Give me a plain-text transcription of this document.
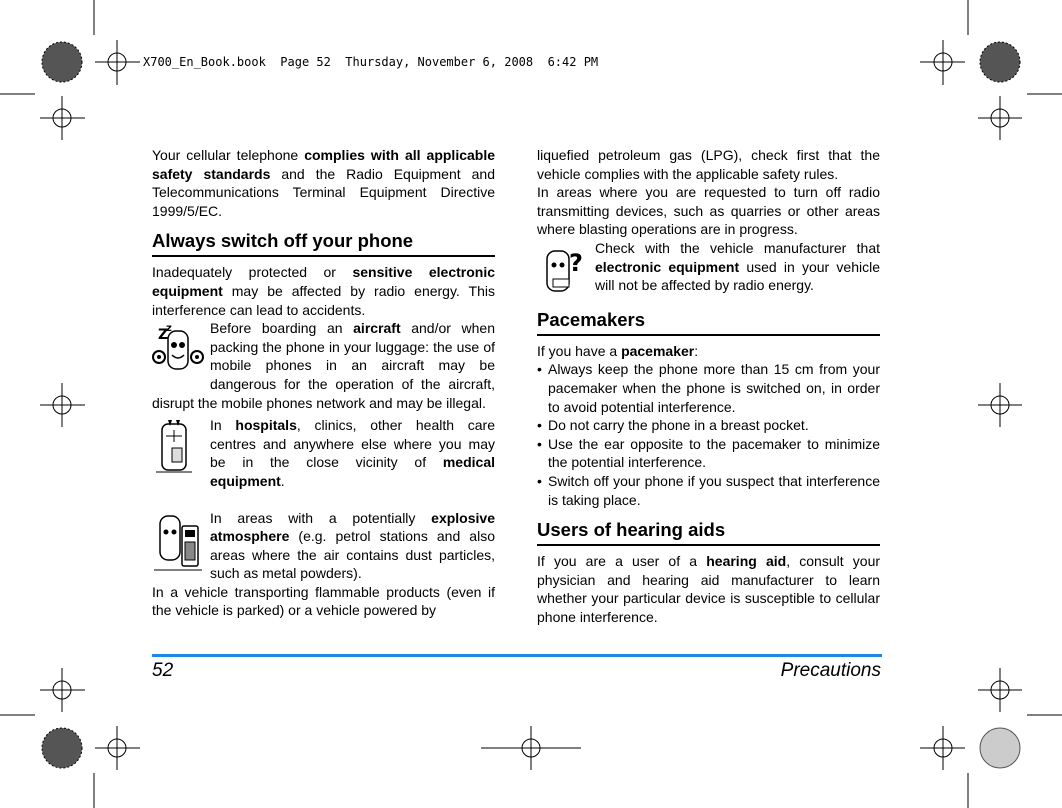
X700_En_Book.book  Page 52  Thursday, November 6, 2008  6:42 PM

Your cellular telephone complies with all applicable safety standards and the Radio Equipment and Telecommunications Terminal Equipment Directive 1999/5/EC.

Always switch off your phone

Inadequately protected or sensitive electronic equipment may be affected by radio energy. This interference can lead to accidents.

Z
z	Before boarding an aircraft and/or when packing the phone in your luggage: the use of mobile phones in an aircraft may be dangerous for the operation of the aircraft, disrupt the mobile phones network and may be illegal.

In hospitals, clinics, other health care centres and anywhere else where you may be in the close vicinity of medical equipment.

In areas with a potentially explosive atmosphere (e.g. petrol stations and also areas where the air contains dust particles, such as metal powders).

In a vehicle transporting flammable products (even if the vehicle is parked) or a vehicle powered by

liquefied petroleum gas (LPG), check first that the vehicle complies with the applicable safety rules.

In areas where you are requested to turn off radio transmitting devices, such as quarries or other areas where blasting operations are in progress.

?

Check with the vehicle manufacturer that electronic equipment used in your vehicle will not be affected by radio energy.

Pacemakers

If you have a pacemaker:

• Always keep the phone more than 15 cm from your pacemaker when the phone is switched on, in order to avoid potential interference.
• Do not carry the phone in a breast pocket.
• Use the ear opposite to the pacemaker to minimize the potential interference.
• Switch off your phone if you suspect that interference is taking place.
Users of hearing aids

If you are a user of a hearing aid, consult your physician and hearing aid manufacturer to learn whether your particular device is susceptible to cellular phone interference.

52	Precautions
